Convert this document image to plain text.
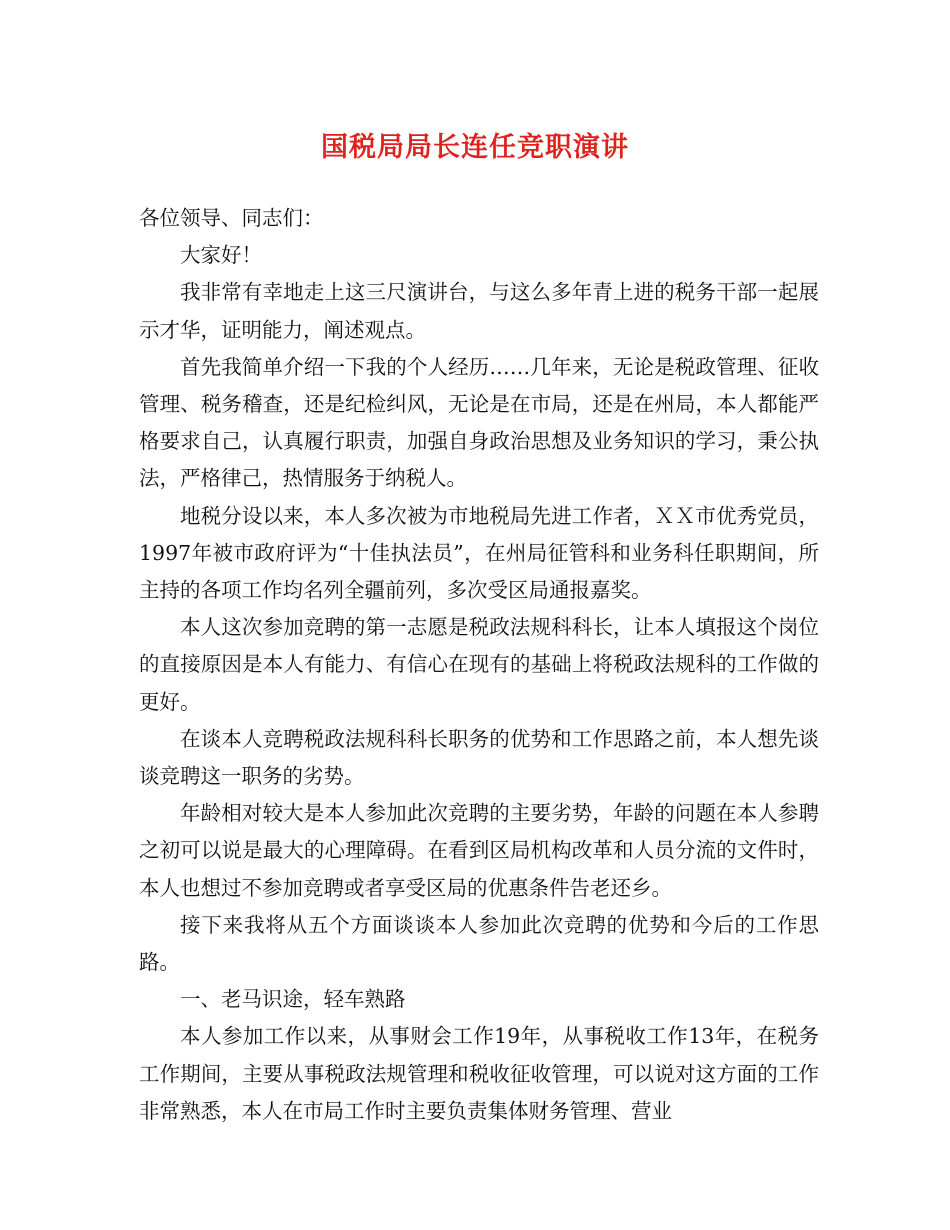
国税局局长连任竞职演讲

各位领导、同志们：

大家好！

我非常有幸地走上这三尺演讲台，与这么多年青上进的税务干部一起展示才华，证明能力，阐述观点。

首先我简单介绍一下我的个人经历……几年来，无论是税政管理、征收管理、税务稽查，还是纪检纠风，无论是在市局，还是在州局，本人都能严格要求自己，认真履行职责，加强自身政治思想及业务知识的学习，秉公执法，严格律己，热情服务于纳税人。

地税分设以来，本人多次被为市地税局先进工作者，ＸＸ市优秀党员，1997年被市政府评为“十佳执法员”，在州局征管科和业务科任职期间，所主持的各项工作均名列全疆前列，多次受区局通报嘉奖。

本人这次参加竞聘的第一志愿是税政法规科科长，让本人填报这个岗位的直接原因是本人有能力、有信心在现有的基础上将税政法规科的工作做的更好。

在谈本人竞聘税政法规科科长职务的优势和工作思路之前，本人想先谈谈竞聘这一职务的劣势。

年龄相对较大是本人参加此次竞聘的主要劣势，年龄的问题在本人参聘之初可以说是最大的心理障碍。在看到区局机构改革和人员分流的文件时，本人也想过不参加竞聘或者享受区局的优惠条件告老还乡。

接下来我将从五个方面谈谈本人参加此次竞聘的优势和今后的工作思路。

一、老马识途，轻车熟路

本人参加工作以来，从事财会工作19年，从事税收工作13年，在税务工作期间，主要从事税政法规管理和税收征收管理，可以说对这方面的工作非常熟悉，本人在市局工作时主要负责集体财务管理、营业
